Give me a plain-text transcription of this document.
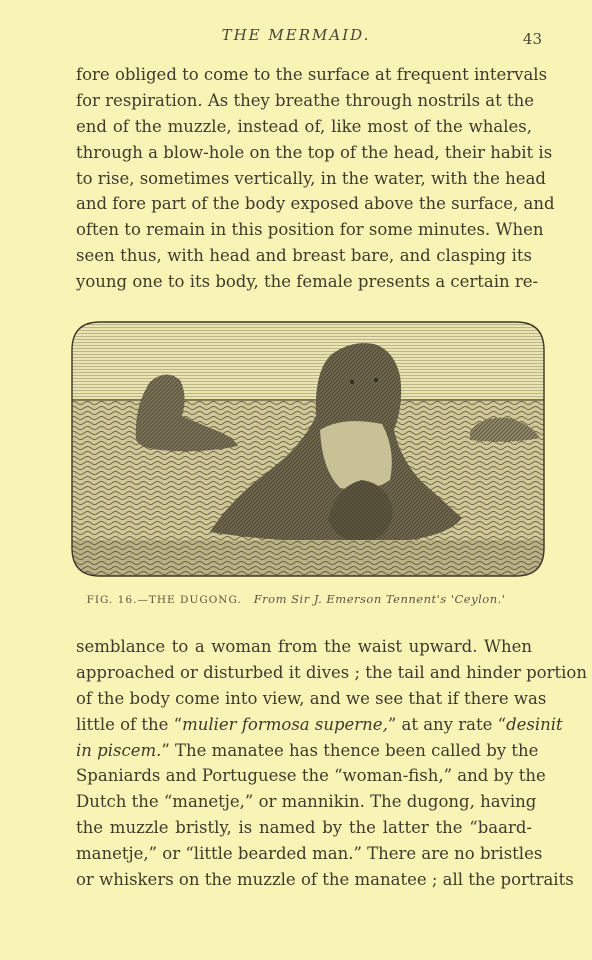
THE MERMAID.	43
fore obliged to come to the surface at frequent intervals
for respiration. As they breathe through nostrils at the
end of the muzzle, instead of, like most of the whales,
through a blow-hole on the top of the head, their habit is
to rise, sometimes vertically, in the water, with the head
and fore part of the body exposed above the surface, and
often to remain in this position for some minutes. When
seen thus, with head and breast bare, and clasping its
young one to its body, the female presents a certain re-
FIG. 16.—THE DUGONG. From Sir J. Emerson Tennent's 'Ceylon.'
semblance to a woman from the waist upward. When
approached or disturbed it dives ; the tail and hinder portion
of the body come into view, and we see that if there was
little of the “mulier formosa superne,” at any rate “desinit
in piscem.” The manatee has thence been called by the
Spaniards and Portuguese the “woman-fish,” and by the
Dutch the “manetje,” or mannikin. The dugong, having
the muzzle bristly, is named by the latter the “baard-
manetje,” or “little bearded man.” There are no bristles
or whiskers on the muzzle of the manatee ; all the portraits
